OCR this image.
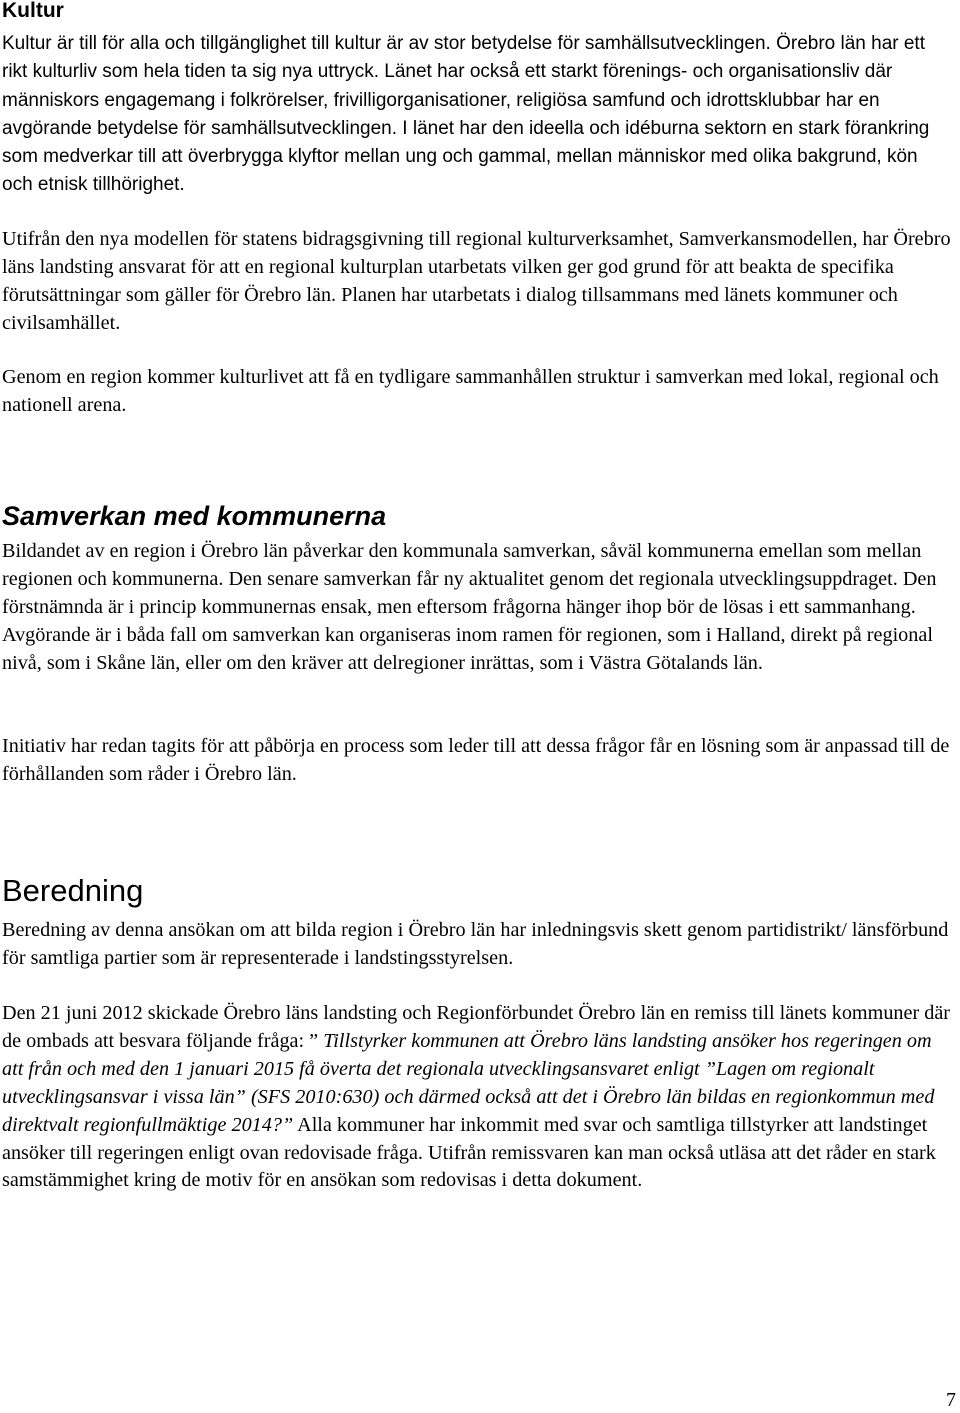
Kultur

Kultur är till för alla och tillgänglighet till kultur är av stor betydelse för samhällsutvecklingen. Örebro län har ett rikt kulturliv som hela tiden ta sig nya uttryck. Länet har också ett starkt förenings- och organisationsliv där människors engagemang i folkrörelser, frivilligorganisationer, religiösa samfund och idrottsklubbar har en avgörande betydelse för samhällsutvecklingen. I länet har den ideella och idéburna sektorn en stark förankring som medverkar till att överbrygga klyftor mellan ung och gammal, mellan människor med olika bakgrund, kön och etnisk tillhörighet.

Utifrån den nya modellen för statens bidragsgivning till regional kulturverksamhet, Samverkansmodellen, har Örebro läns landsting ansvarat för att en regional kulturplan utarbetats vilken ger god grund för att beakta de specifika förutsättningar som gäller för Örebro län. Planen har utarbetats i dialog tillsammans med länets kommuner och civilsamhället.

Genom en region kommer kulturlivet att få en tydligare sammanhållen struktur i samverkan med lokal, regional och nationell arena.

Samverkan med kommunerna

Bildandet av en region i Örebro län påverkar den kommunala samverkan, såväl kommunerna emellan som mellan regionen och kommunerna. Den senare samverkan får ny aktualitet genom det regionala utvecklingsuppdraget. Den förstnämnda är i princip kommunernas ensak, men eftersom frågorna hänger ihop bör de lösas i ett sammanhang. Avgörande är i båda fall om samverkan kan organiseras inom ramen för regionen, som i Halland, direkt på regional nivå, som i Skåne län, eller om den kräver att delregioner inrättas, som i Västra Götalands län.

Initiativ har redan tagits för att påbörja en process som leder till att dessa frågor får en lösning som är anpassad till de förhållanden som råder i Örebro län.

Beredning

Beredning av denna ansökan om att bilda region i Örebro län har inledningsvis skett genom partidistrikt/ länsförbund för samtliga partier som är representerade i landstingsstyrelsen.

Den 21 juni 2012 skickade Örebro läns landsting och Regionförbundet Örebro län en remiss till länets kommuner där de ombads att besvara följande fråga: ” Tillstyrker kommunen att Örebro läns landsting ansöker hos regeringen om att från och med den 1 januari 2015 få överta det regionala utvecklingsansvaret enligt ”Lagen om regionalt utvecklingsansvar i vissa län” (SFS 2010:630) och därmed också att det i Örebro län bildas en regionkommun med direktvalt regionfullmäktige 2014?” Alla kommuner har inkommit med svar och samtliga tillstyrker att landstinget ansöker till regeringen enligt ovan redovisade fråga. Utifrån remissvaren kan man också utläsa att det råder en stark samstämmighet kring de motiv för en ansökan som redovisas i detta dokument.

7
